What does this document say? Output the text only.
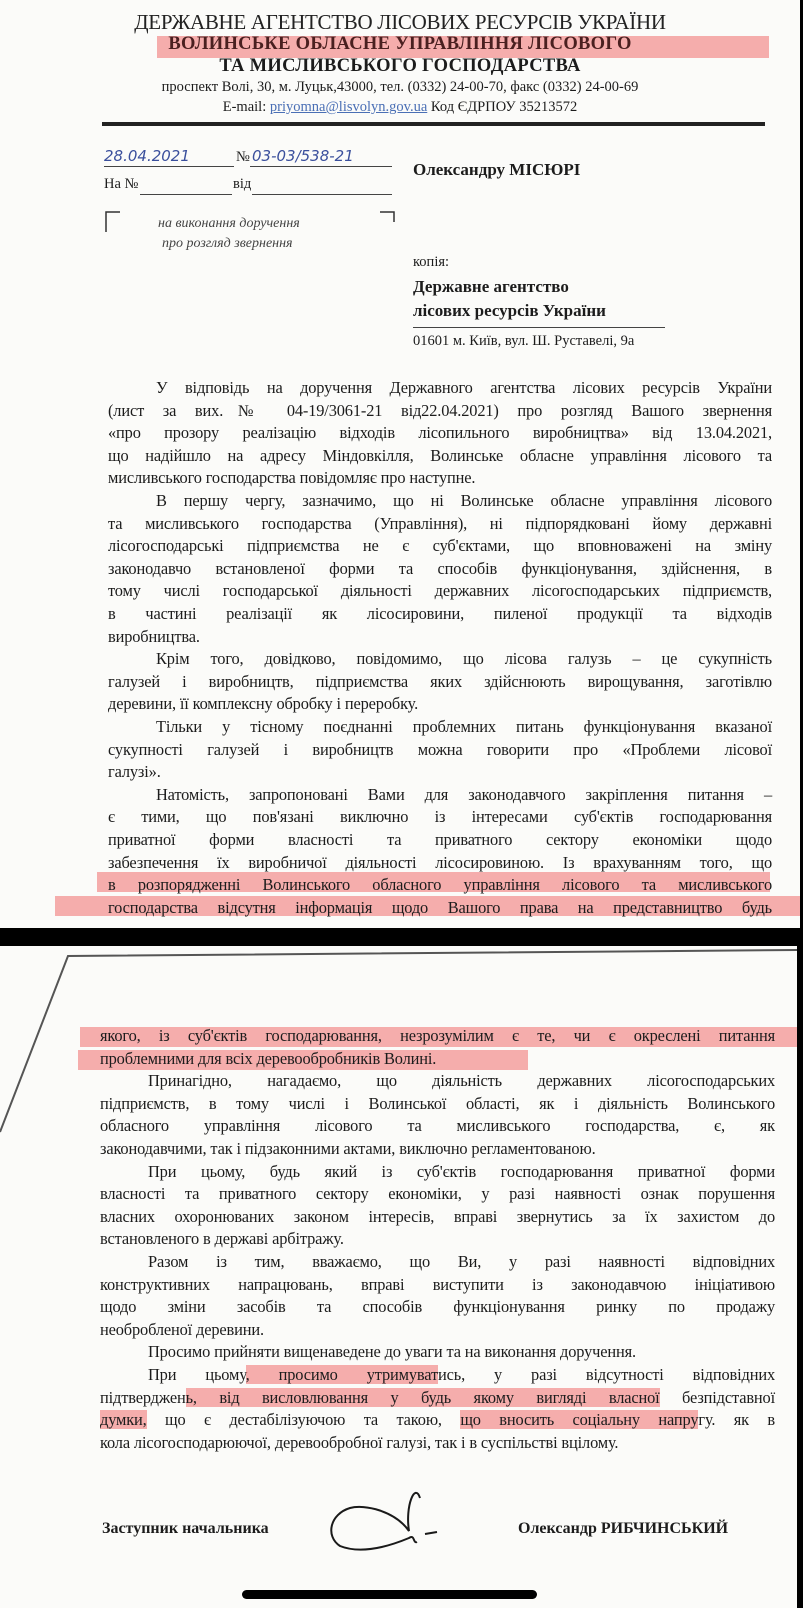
ДЕРЖАВНЕ АГЕНТСТВО ЛІСОВИХ РЕСУРСІВ УКРАЇНИ
ВОЛИНСЬКЕ ОБЛАСНЕ УПРАВЛІННЯ ЛІСОВОГО
ТА МИСЛИВСЬКОГО ГОСПОДАРСТВА
проспект Волі, 30, м. Луцьк,43000, тел. (0332) 24-00-70, факс (0332) 24-00-69
E-mail: priyomna@lisvolyn.gov.ua Код ЄДРПОУ 35213572
28.04.2021	№ 03-03/538-21
На №	від
на виконання доручення
про розгляд звернення
Олександру МІСЮРІ
копія:
Державне агентство
лісових ресурсів України
01601 м. Київ, вул. Ш. Руставелі, 9а
У відповідь на доручення Державного агентства лісових ресурсів України
(лист за вих.№ 04-19/3061-21 від22.04.2021) про розгляд Вашого звернення
«про прозору реалізацію відходів лісопильного виробництва» від 13.04.2021,
що надійшло на адресу Міндовкілля, Волинське обласне управління лісового та
мисливського господарства повідомляє про наступне.
В першу чергу, зазначимо, що ні Волинське обласне управління лісового
та мисливського господарства (Управління), ні підпорядковані йому державні
лісогосподарські підприємства не є суб'єктами, що вповноважені на зміну
законодавчо встановленої форми та способів функціонування, здійснення, в
тому числі господарської діяльності державних лісогосподарських підприємств,
в частині реалізації як лісосировини, пиленої продукції та відходів
виробництва.
Крім того, довідково, повідомимо, що лісова галузь – це сукупність
галузей і виробництв, підприємства яких здійснюють вирощування, заготівлю
деревини, її комплексну обробку і переробку.
Тільки у тісному поєднанні проблемних питань функціонування вказаної
сукупності галузей і виробництв можна говорити про «Проблеми лісової
галузі».
Натомість, запропоновані Вами для законодавчого закріплення питання –
є тими, що пов'язані виключно із інтересами суб'єктів господарювання
приватної форми власності та приватного сектору економіки щодо
забезпечення їх виробничої діяльності лісосировиною. Із врахуванням того, що
в розпорядженні Волинського обласного управління лісового та мисливського
господарства відсутня інформація щодо Вашого права на представництво будь
якого, із суб'єктів господарювання, незрозумілим є те, чи є окреслені питання
проблемними для всіх деревообробників Волині.
Принагідно, нагадаємо, що діяльність державних лісогосподарських
підприємств, в тому числі і Волинської області, як і діяльність Волинського
обласного управління лісового та мисливського господарства, є, як
законодавчими, так і підзаконними актами, виключно регламентованою.
При цьому, будь який із суб'єктів господарювання приватної форми
власності та приватного сектору економіки, у разі наявності ознак порушення
власних охоронюваних законом інтересів, вправі звернутись за їх захистом до
встановленого в державі арбітражу.
Разом із тим, вважаємо, що Ви, у разі наявності відповідних
конструктивних напрацювань, вправі виступити із законодавчою ініціативою
щодо зміни засобів та способів функціонування ринку по продажу
необробленої деревини.
Просимо прийняти вищенаведене до уваги та на виконання доручення.
При цьому, просимо утримуватись, у разі відсутності відповідних
підтверджень, від висловлювання у будь якому вигляді власної безпідставної
думки, що є дестабілізуючою та такою, що вносить соціальну напругу. як в
кола лісогосподарюючої, деревообробної галузі, так і в суспільстві вцілому.
Заступник начальника	Олександр РИБЧИНСЬКИЙ
